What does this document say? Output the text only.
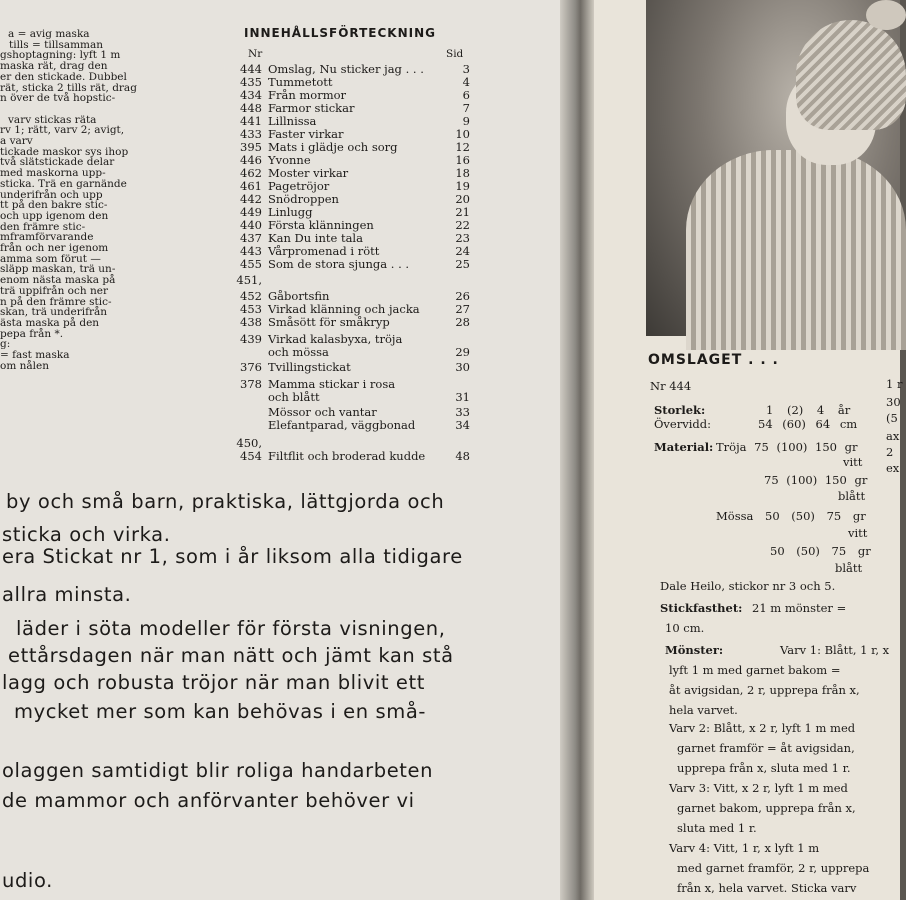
a = avig maska
tills = tillsamman
gshoptagning: lyft 1 m
maska rät, drag den
er den stickade. Dubbel
rät, sticka 2 tills rät, drag
n över de två hopstic-
varv stickas räta
rv 1; rätt, varv 2; avigt,
a varv
tickade maskor sys ihop
två slätstickade delar
med maskorna upp-
sticka. Trä en garnände
underifrån och upp
tt på den bakre stic-
och upp igenom den
den främre stic-
mframförvarande
från och ner igenom
amma som förut —
släpp maskan, trä un-
enom nästa maska på
trä uppifrån och ner
n på den främre stic-
skan, trä underifrån
ästa maska på den
pepa från *.
g:
= fast maska
om nålen
INNEHÅLLSFÖRTECKNING
Nr	Sid
444 Omslag, Nu sticker jag . . .	3
435 Tummetott	4
434 Från mormor	6
448 Farmor stickar	7
441 Lillnissa	9
433 Faster virkar	10
395 Mats i glädje och sorg	12
446 Yvonne	16
462 Moster virkar	18
461 Pagetröjor	19
442 Snödroppen	20
449 Linlugg	21
440 Första klänningen	22
437 Kan Du inte tala	23
443 Vårpromenad i rött	24
455 Som de stora sjunga . . .	25
451,
452 Gåbortsfin	26
453 Virkad klänning och jacka	27
438 Småsött för småkryp	28
439 Virkad kalasbyxa, tröja
och mössa	29
376 Tvillingstickat	30
378 Mamma stickar i rosa
och blått	31
Mössor och vantar	33
Elefantparad, väggbonad	34
450,
454 Filtflit och broderad kudde	48
by och små barn, praktiska, lättgjorda och
sticka och virka.
era Stickat nr 1, som i år liksom alla tidigare
allra minsta.
läder i söta modeller för första visningen,
ettårsdagen när man nätt och jämt kan stå
lagg och robusta tröjor när man blivit ett
mycket mer som kan behövas i en små-
olaggen samtidigt blir roliga handarbeten
de mammor och anförvanter behöver vi
udio.
OMSLAGET . . .
Nr 444
Storlek:	1 (2) 4 år
Övervidd:	54 (60) 64 cm
Material: Tröja 75 (100) 150 gr
vitt
75 (100) 150 gr
blått
Mössa 50 (50) 75 gr
vitt
50 (50) 75 gr
blått
Dale Heilo, stickor nr 3 och 5.
Stickfasthet: 21 m mönster =
10 cm.
Mönster:	Varv 1: Blått, 1 r, x
lyft 1 m med garnet bakom =
åt avigsidan, 2 r, upprepa från x,
hela varvet.
Varv 2: Blått, x 2 r, lyft 1 m med
garnet framför = åt avigsidan,
upprepa från x, sluta med 1 r.
Varv 3: Vitt, x 2 r, lyft 1 m med
garnet bakom, upprepa från x,
sluta med 1 r.
Varv 4: Vitt, 1 r, x lyft 1 m
med garnet framför, 2 r, upprepa
från x, hela varvet. Sticka varv
1 r
30
(5
ax
2
ex
